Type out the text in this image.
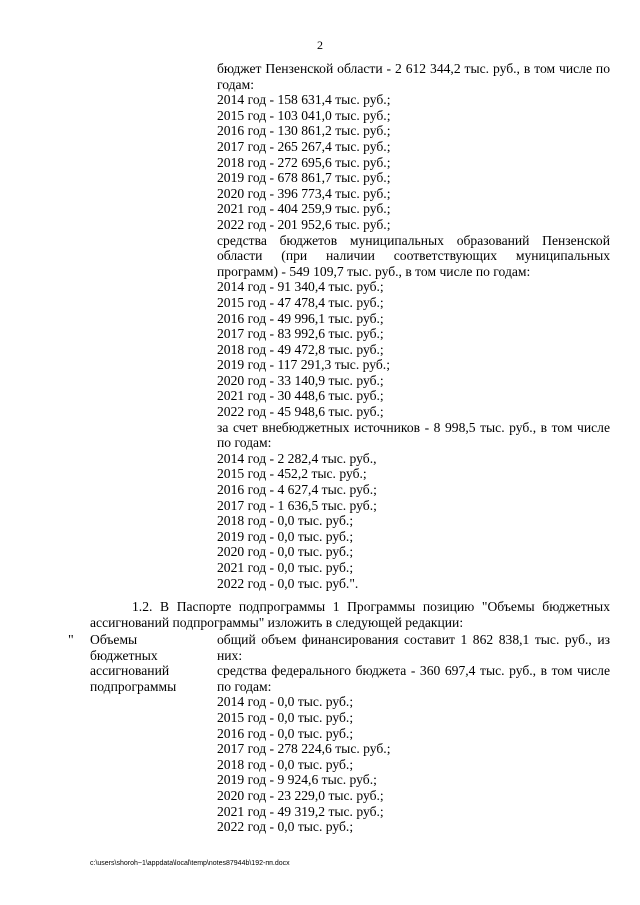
2
бюджет Пензенской области - 2 612 344,2 тыс. руб., в том числе по годам:
2014 год - 158 631,4 тыс. руб.;
2015 год - 103 041,0 тыс. руб.;
2016 год - 130 861,2 тыс. руб.;
2017 год - 265 267,4 тыс. руб.;
2018 год - 272 695,6 тыс. руб.;
2019 год - 678 861,7 тыс. руб.;
2020 год - 396 773,4 тыс. руб.;
2021 год - 404 259,9 тыс. руб.;
2022 год - 201 952,6 тыс. руб.;
средства бюджетов муниципальных образований Пензенской области (при наличии соответствующих муниципальных программ) - 549 109,7 тыс. руб., в том числе по годам:
2014 год - 91 340,4 тыс. руб.;
2015 год - 47 478,4 тыс. руб.;
2016 год - 49 996,1 тыс. руб.;
2017 год - 83 992,6 тыс. руб.;
2018 год - 49 472,8 тыс. руб.;
2019 год - 117 291,3 тыс. руб.;
2020 год - 33 140,9 тыс. руб.;
2021 год - 30 448,6 тыс. руб.;
2022 год - 45 948,6 тыс. руб.;
за счет внебюджетных источников - 8 998,5 тыс. руб., в том числе по годам:
2014 год - 2 282,4 тыс. руб.,
2015 год - 452,2 тыс. руб.;
2016 год - 4 627,4 тыс. руб.;
2017 год - 1 636,5 тыс. руб.;
2018 год - 0,0 тыс. руб.;
2019 год - 0,0 тыс. руб.;
2020 год - 0,0 тыс. руб.;
2021 год - 0,0 тыс. руб.;
2022 год - 0,0 тыс. руб.".
1.2. В Паспорте подпрограммы 1 Программы позицию "Объемы бюджетных ассигнований подпрограммы" изложить в следующей редакции:
" Объемы бюджетных ассигнований подпрограммы
общий объем финансирования составит 1 862 838,1 тыс. руб., из них:
средства федерального бюджета - 360 697,4 тыс. руб., в том числе по годам:
2014 год - 0,0 тыс. руб.;
2015 год - 0,0 тыс. руб.;
2016 год - 0,0 тыс. руб.;
2017 год - 278 224,6 тыс. руб.;
2018 год - 0,0 тыс. руб.;
2019 год - 9 924,6 тыс. руб.;
2020 год - 23 229,0 тыс. руб.;
2021 год - 49 319,2 тыс. руб.;
2022 год - 0,0 тыс. руб.;
c:\users\shoroh~1\appdata\local\temp\notes87944b\192-пп.docx
